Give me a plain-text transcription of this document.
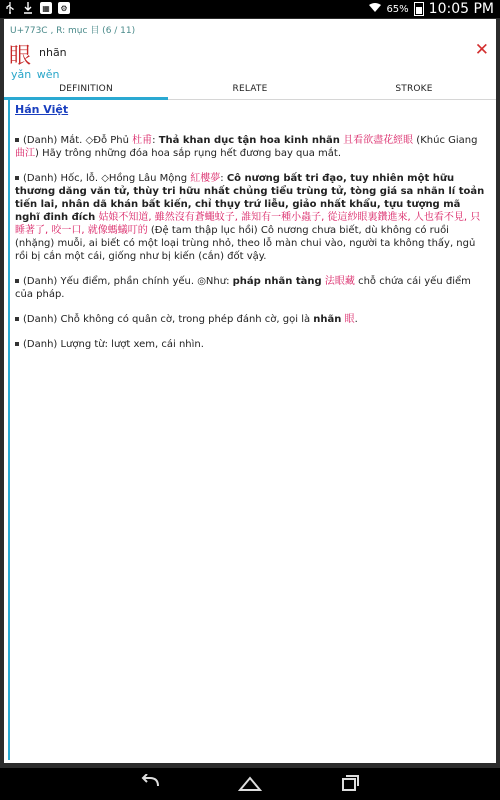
▦	⚙	65% 10:05 PM
U+773C , R: mục 目 (6 / 11)
眼 nhãn	✕
yǎn wěn
DEFINITION	RELATE	STROKE
Hán Việt
(Danh) Mắt. ◇Đỗ Phủ 杜甫: Thả khan dục tận hoa kinh nhãn 且看欲盡花經眼 (Khúc Giang 曲江) Hãy trông những đóa hoa sắp rụng hết đương bay qua mắt.
(Danh) Hốc, lỗ. ◇Hồng Lâu Mộng 紅樓夢: Cô nương bất tri đạo, tuy nhiên một hữu thương dăng văn tử, thùy tri hữu nhất chủng tiểu trùng tử, tòng giá sa nhãn lí toản tiến lai, nhân dã khán bất kiến, chỉ thụy trứ liễu, giảo nhất khẩu, tựu tượng mã nghĩ đinh đích 姑娘不知道, 雖然沒有蒼蠅蚊子, 誰知有一種小蟲子, 從這紗眼裏鑽進來, 人也看不見, 只睡著了, 咬一口, 就像螞蟻叮的 (Đệ tam thập lục hồi) Cô nương chưa biết, dù không có ruồi (nhặng) muỗi, ai biết có một loại trùng nhỏ, theo lỗ màn chui vào, người ta không thấy, ngủ rồi bị cắn một cái, giống như bị kiến (cắn) đốt vậy.
(Danh) Yếu điểm, phần chính yếu. ◎Như: pháp nhãn tàng 法眼藏 chỗ chứa cái yếu điểm của pháp.
(Danh) Chỗ không có quân cờ, trong phép đánh cờ, gọi là nhãn 眼.
(Danh) Lượng từ: lượt xem, cái nhìn.
